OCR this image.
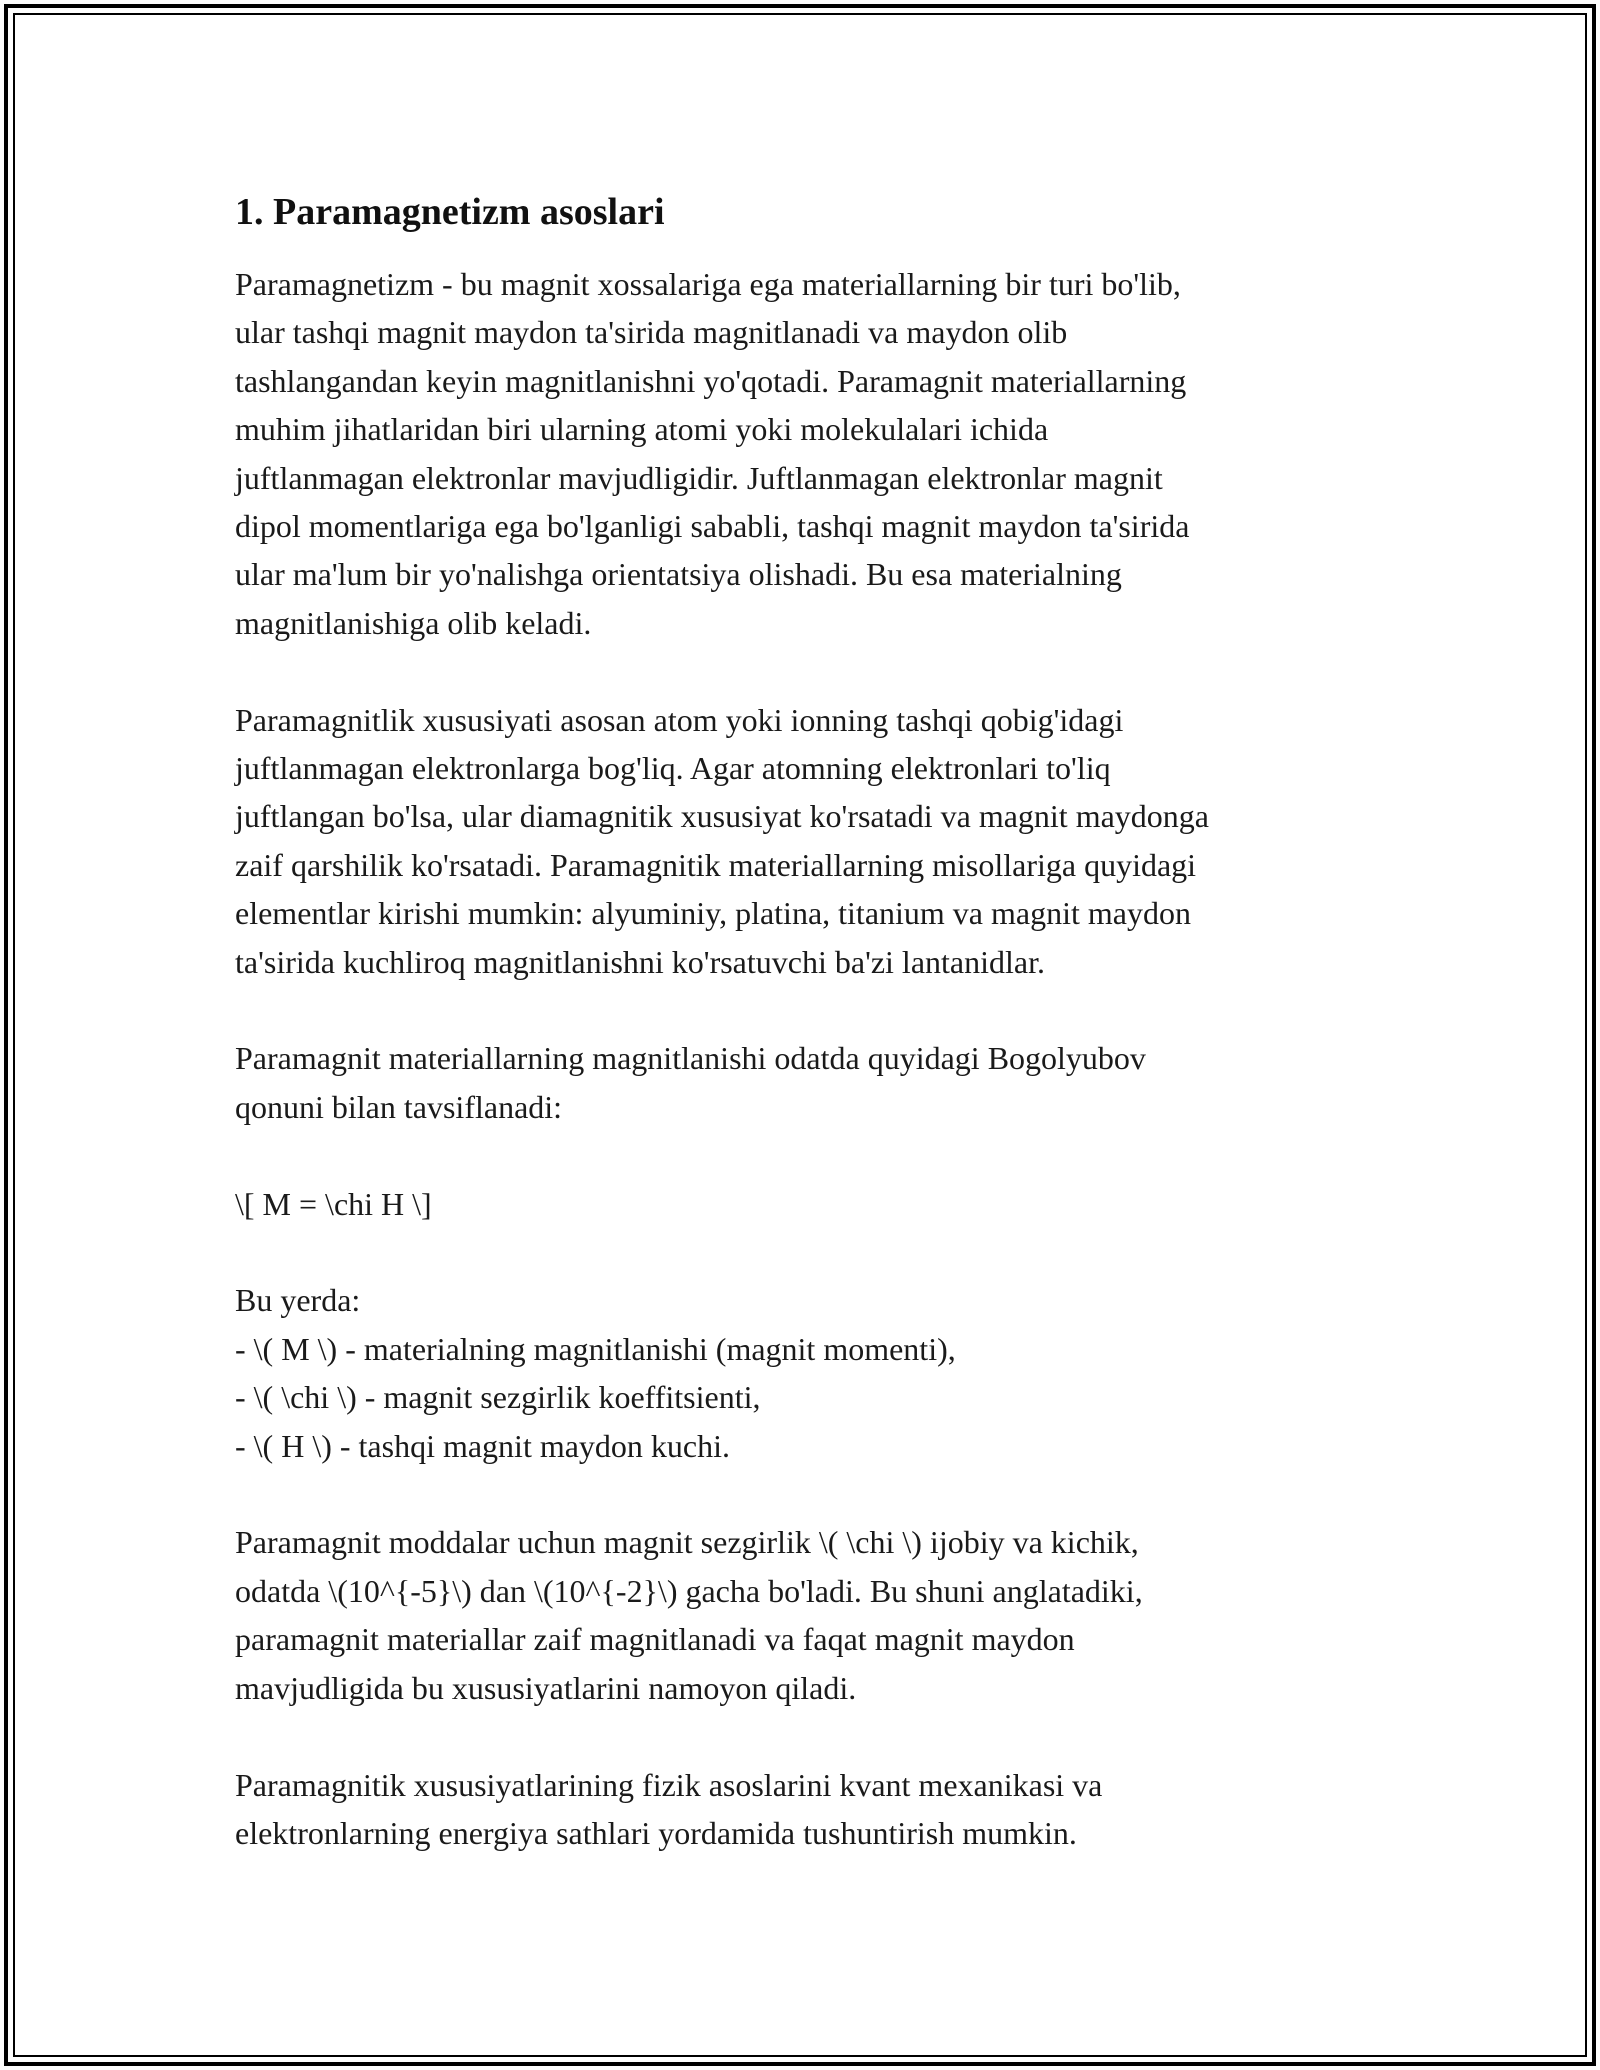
1. Paramagnetizm asoslari
Paramagnetizm - bu magnit xossalariga ega materiallarning bir turi bo'lib,
ular tashqi magnit maydon ta'sirida magnitlanadi va maydon olib
tashlangandan keyin magnitlanishni yo'qotadi. Paramagnit materiallarning
muhim jihatlaridan biri ularning atomi yoki molekulalari ichida
juftlanmagan elektronlar mavjudligidir. Juftlanmagan elektronlar magnit
dipol momentlariga ega bo'lganligi sababli, tashqi magnit maydon ta'sirida
ular ma'lum bir yo'nalishga orientatsiya olishadi. Bu esa materialning
magnitlanishiga olib keladi.
Paramagnitlik xususiyati asosan atom yoki ionning tashqi qobig'idagi
juftlanmagan elektronlarga bog'liq. Agar atomning elektronlari to'liq
juftlangan bo'lsa, ular diamagnitik xususiyat ko'rsatadi va magnit maydonga
zaif qarshilik ko'rsatadi. Paramagnitik materiallarning misollariga quyidagi
elementlar kirishi mumkin: alyuminiy, platina, titanium va magnit maydon
ta'sirida kuchliroq magnitlanishni ko'rsatuvchi ba'zi lantanidlar.
Paramagnit materiallarning magnitlanishi odatda quyidagi Bogolyubov
qonuni bilan tavsiflanadi:
\[ M = \chi H \]
Bu yerda:
- \( M \) - materialning magnitlanishi (magnit momenti),
- \( \chi \) - magnit sezgirlik koeffitsienti,
- \( H \) - tashqi magnit maydon kuchi.
Paramagnit moddalar uchun magnit sezgirlik \( \chi \) ijobiy va kichik,
odatda \(10^{-5}\) dan \(10^{-2}\) gacha bo'ladi. Bu shuni anglatadiki,
paramagnit materiallar zaif magnitlanadi va faqat magnit maydon
mavjudligida bu xususiyatlarini namoyon qiladi.
Paramagnitik xususiyatlarining fizik asoslarini kvant mexanikasi va
elektronlarning energiya sathlari yordamida tushuntirish mumkin.
